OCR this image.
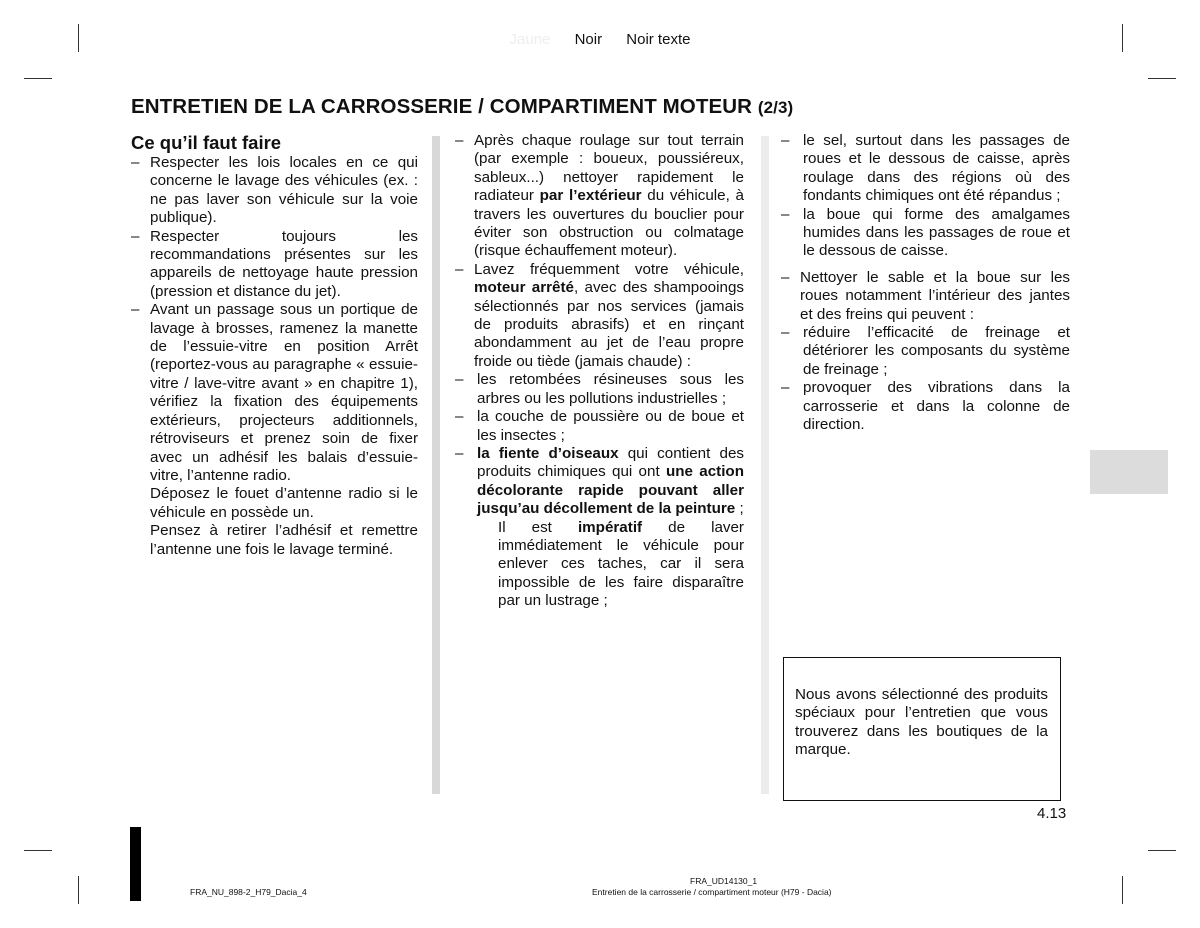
Jaune Noir Noir texte
ENTRETIEN DE LA CARROSSERIE / COMPARTIMENT MOTEUR (2/3)

Ce qu’il faut faire

– Respecter les lois locales en ce qui concerne le lavage des véhicules (ex. : ne pas laver son véhicule sur la voie publique).

– Respecter toujours les recommandations présentes sur les appareils de nettoyage haute pression (pression et distance du jet).

– Avant un passage sous un portique de lavage à brosses, ramenez la manette de l’essuie-vitre en position Arrêt (reportez-vous au paragraphe « essuie-vitre / lave-vitre avant » en chapitre 1), vérifiez la fixation des équipements extérieurs, projecteurs additionnels, rétroviseurs et prenez soin de fixer avec un adhésif les balais d’essuie-vitre, l’antenne radio.

Déposez le fouet d’antenne radio si le véhicule en possède un.

Pensez à retirer l’adhésif et remettre l’antenne une fois le lavage terminé.

– Après chaque roulage sur tout terrain (par exemple : boueux, poussiéreux, sableux...) nettoyer rapidement le radiateur par l’extérieur du véhicule, à travers les ouvertures du bouclier pour éviter son obstruction ou colmatage (risque échauffement moteur).

– Lavez fréquemment votre véhicule, moteur arrêté, avec des shampooings sélectionnés par nos services (jamais de produits abrasifs) et en rinçant abondamment au jet de l’eau propre froide ou tiède (jamais chaude) :

– les retombées résineuses sous les arbres ou les pollutions industrielles ;

– la couche de poussière ou de boue et les insectes ;

– la fiente d’oiseaux qui contient des produits chimiques qui ont une action décolorante rapide pouvant aller jusqu’au décollement de la peinture ;

Il est impératif de laver immédiatement le véhicule pour enlever ces taches, car il sera impossible de les faire disparaître par un lustrage ;

– le sel, surtout dans les passages de roues et le dessous de caisse, après roulage dans des régions où des fondants chimiques ont été répandus ;

– la boue qui forme des amalgames humides dans les passages de roue et le dessous de caisse.

– Nettoyer le sable et la boue sur les roues notamment l’intérieur des jantes et des freins qui peuvent :

– réduire l’efficacité de freinage et détériorer les composants du système de freinage ;

– provoquer des vibrations dans la carrosserie et dans la colonne de direction.

Nous avons sélectionné des produits spéciaux pour l’entretien que vous trouverez dans les boutiques de la marque.
4.13
FRA_NU_898-2_H79_Dacia_4
FRA_UD14130_1
Entretien de la carrosserie / compartiment moteur (H79 - Dacia)
